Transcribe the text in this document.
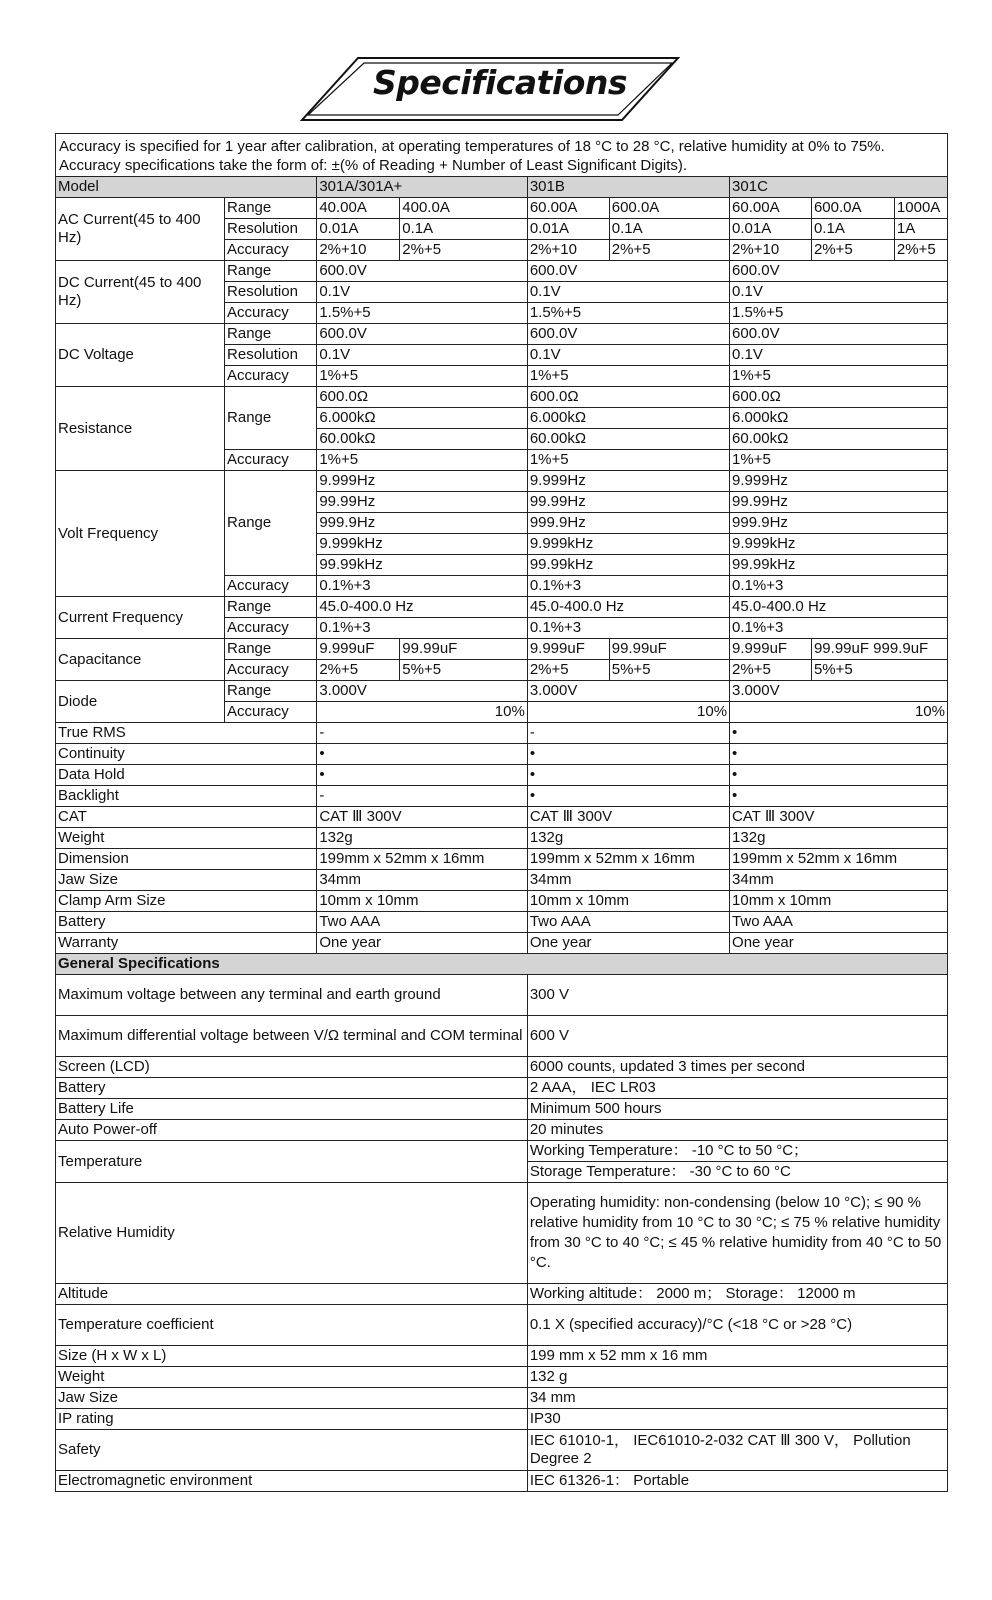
Specifications
Accuracy is specified for 1 year after calibration, at operating temperatures of 18 °C to 28 °C, relative humidity at 0% to 75%. Accuracy specifications take the form of: ±(% of Reading + Number of Least Significant Digits).								
Model		301A/301A+		301B		301C		
AC Current(45 to 400 Hz)	Range	40.00A	400.0A	60.00A	600.0A	60.00A	600.0A	1000A
	Resolution	0.01A	0.1A	0.01A	0.1A	0.01A	0.1A	1A
	Accuracy	2%+10	2%+5	2%+10	2%+5	2%+10	2%+5	2%+5
DC Current(45 to 400 Hz)	Range	600.0V		600.0V		600.0V		
	Resolution	0.1V		0.1V		0.1V		
	Accuracy	1.5%+5		1.5%+5		1.5%+5		
DC Voltage	Range	600.0V		600.0V		600.0V		
	Resolution	0.1V		0.1V		0.1V		
	Accuracy	1%+5		1%+5		1%+5		
Resistance	Range	600.0Ω		600.0Ω		600.0Ω		
		6.000kΩ		6.000kΩ		6.000kΩ		
		60.00kΩ		60.00kΩ		60.00kΩ		
	Accuracy	1%+5		1%+5		1%+5		
Volt Frequency	Range	9.999Hz		9.999Hz		9.999Hz		
		99.99Hz		99.99Hz		99.99Hz		
		999.9Hz		999.9Hz		999.9Hz		
		9.999kHz		9.999kHz		9.999kHz		
		99.99kHz		99.99kHz		99.99kHz		
	Accuracy	0.1%+3		0.1%+3		0.1%+3		
Current Frequency	Range	45.0-400.0 Hz		45.0-400.0 Hz		45.0-400.0 Hz		
	Accuracy	0.1%+3		0.1%+3		0.1%+3		
Capacitance	Range	9.999uF	99.99uF	9.999uF	99.99uF	9.999uF	99.99uF 999.9uF	
	Accuracy	2%+5	5%+5	2%+5	5%+5	2%+5	5%+5	
Diode	Range	3.000V		3.000V		3.000V		
	Accuracy	10%		10%		10%		
True RMS		-		-		•		
Continuity		•		•		•		
Data Hold		•		•		•		
Backlight		-		•		•		
CAT		CAT Ⅲ 300V		CAT Ⅲ 300V		CAT Ⅲ 300V		
Weight		132g		132g		132g		
Dimension		199mm x 52mm x 16mm		199mm x 52mm x 16mm		199mm x 52mm x 16mm		
Jaw Size		34mm		34mm		34mm		
Clamp Arm Size		10mm x 10mm		10mm x 10mm		10mm x 10mm		
Battery		Two AAA		Two AAA		Two AAA		
Warranty		One year		One year		One year		
General Specifications								
Maximum voltage between any terminal and earth ground				300 V				
Maximum differential voltage between V/Ω terminal and COM terminal				600 V				
Screen (LCD)				6000 counts, updated 3 times per second				
Battery				2 AAA， IEC LR03				
Battery Life				Minimum 500 hours				
Auto Power-off				20 minutes				
Temperature				Working Temperature： -10 °C to 50 °C；				
				Storage Temperature： -30 °C to 60 °C				
Relative Humidity				Operating humidity: non-condensing (below 10 °C); ≤ 90 % relative humidity from 10 °C to 30 °C; ≤ 75 % relative humidity from 30 °C to 40 °C; ≤ 45 % relative humidity from 40 °C to 50 °C.				
Altitude				Working altitude： 2000 m； Storage： 12000 m				
Temperature coefficient				0.1 X (specified accuracy)/°C (<18 °C or >28 °C)				
Size (H x W x L)				199 mm x 52 mm x 16 mm				
Weight				132 g				
Jaw Size				34 mm				
IP rating				IP30				
Safety				IEC 61010-1， IEC61010-2-032 CAT Ⅲ 300 V， Pollution Degree 2				
Electromagnetic environment				IEC 61326-1： Portable				
